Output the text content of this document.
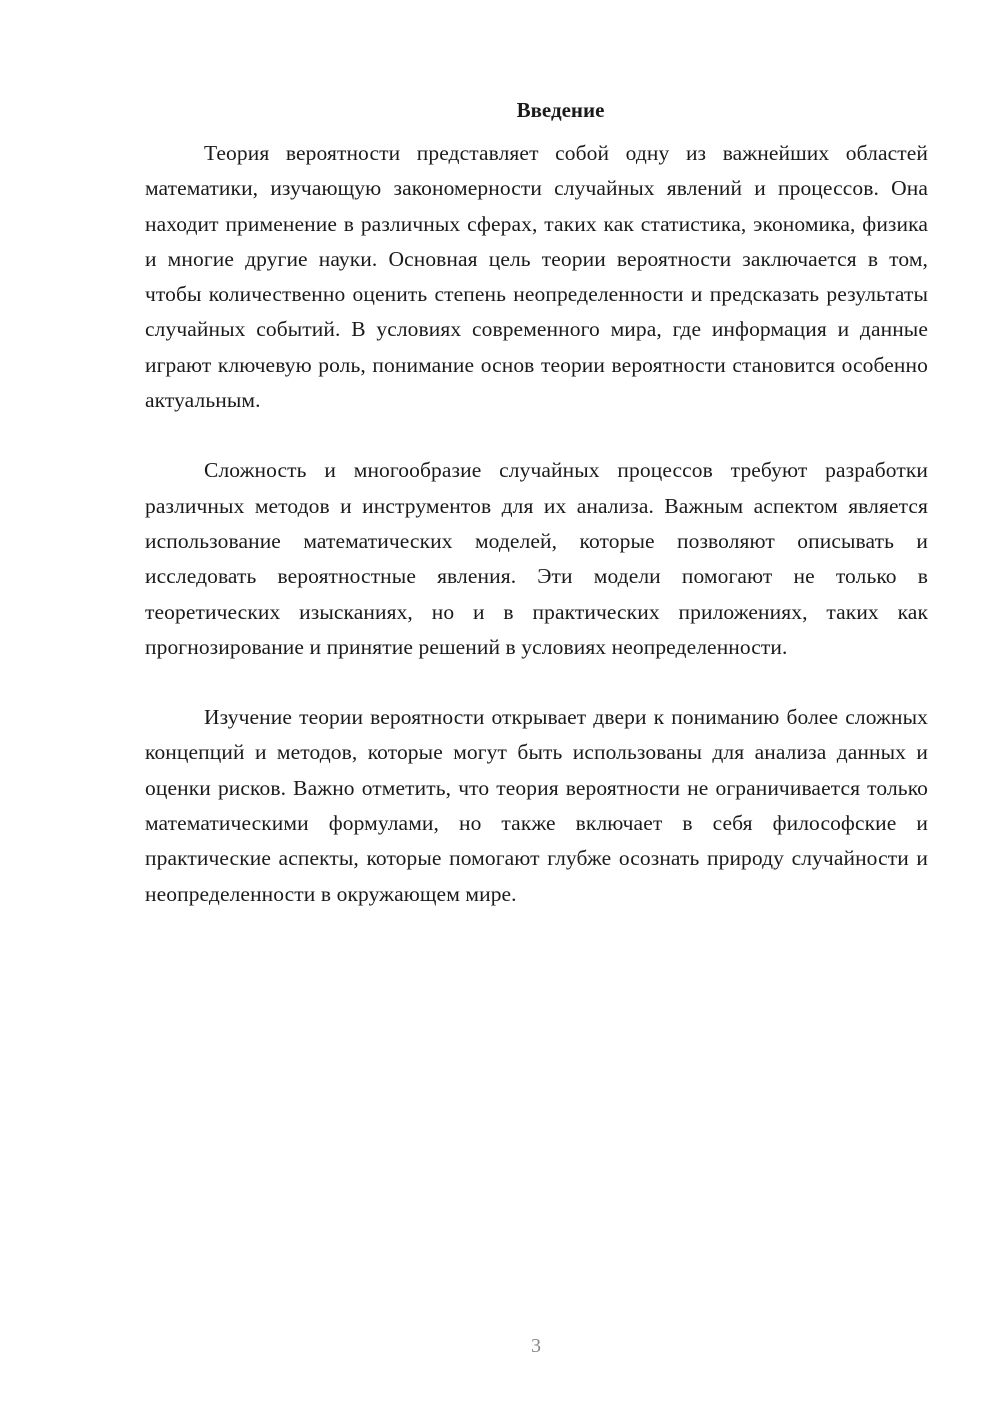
Введение

Теория вероятности представляет собой одну из важнейших областей математики, изучающую закономерности случайных явлений и процессов. Она находит применение в различных сферах, таких как статистика, экономика, физика и многие другие науки. Основная цель теории вероятности заключается в том, чтобы количественно оценить степень неопределенности и предсказать результаты случайных событий. В условиях современного мира, где информация и данные играют ключевую роль, понимание основ теории вероятности становится особенно актуальным.

Сложность и многообразие случайных процессов требуют разработки различных методов и инструментов для их анализа. Важным аспектом является использование математических моделей, которые позволяют описывать и исследовать вероятностные явления. Эти модели помогают не только в теоретических изысканиях, но и в практических приложениях, таких как прогнозирование и принятие решений в условиях неопределенности.

Изучение теории вероятности открывает двери к пониманию более сложных концепций и методов, которые могут быть использованы для анализа данных и оценки рисков. Важно отметить, что теория вероятности не ограничивается только математическими формулами, но также включает в себя философские и практические аспекты, которые помогают глубже осознать природу случайности и неопределенности в окружающем мире.

3
